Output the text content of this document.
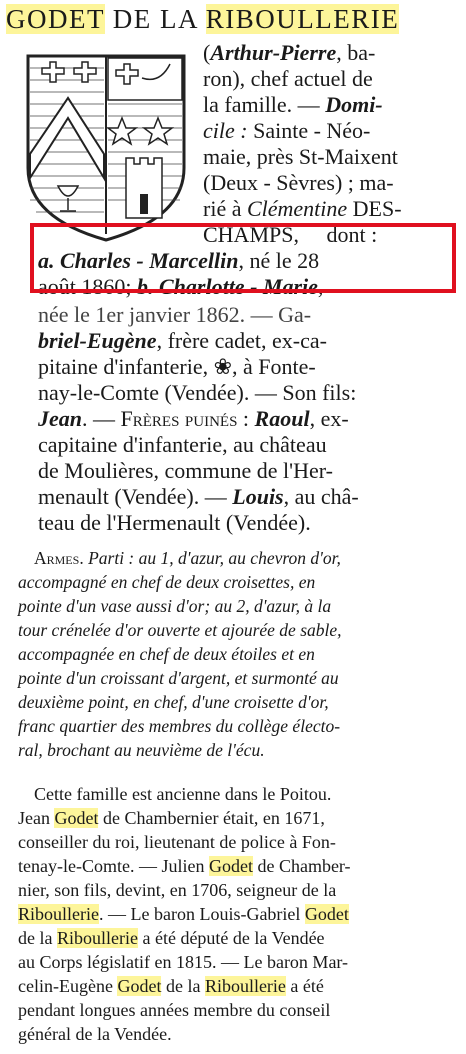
GODET DE LA RIBOULLERIE
(Arthur-Pierre, ba-
ron), chef actuel de
la famille. — Domi-
cile : Sainte - Néo-
maie, près St-Maixent
(Deux - Sèvres) ; ma-
rié à Clémentine DES-
CHAMPS,     dont :
a. Charles - Marcellin, né le 28
août 1860; b. Charlotte - Marie,
née le 1er janvier 1862. — Ga-
briel-Eugène, frère cadet, ex-ca-
pitaine d'infanterie, ❀, à Fonte-
nay-le-Comte (Vendée). — Son fils:
Jean. — Frères puinés : Raoul, ex-
capitaine d'infanterie, au château
de Moulières, commune de l'Her-
menault (Vendée). — Louis, au châ-
teau de l'Hermenault (Vendée).
Armes. Parti : au 1, d'azur, au chevron d'or,
accompagné en chef de deux croisettes, en
pointe d'un vase aussi d'or; au 2, d'azur, à la
tour crénelée d'or ouverte et ajourée de sable,
accompagnée en chef de deux étoiles et en
pointe d'un croissant d'argent, et surmonté au
deuxième point, en chef, d'une croisette d'or,
franc quartier des membres du collège électo-
ral, brochant au neuvième de l'écu.
Cette famille est ancienne dans le Poitou.
Jean Godet de Chambernier était, en 1671,
conseiller du roi, lieutenant de police à Fon-
tenay-le-Comte. — Julien Godet de Chamber-
nier, son fils, devint, en 1706, seigneur de la
Riboullerie. — Le baron Louis-Gabriel Godet
de la Riboullerie a été député de la Vendée
au Corps législatif en 1815. — Le baron Mar-
celin-Eugène Godet de la Riboullerie a été
pendant longues années membre du conseil
général de la Vendée.
